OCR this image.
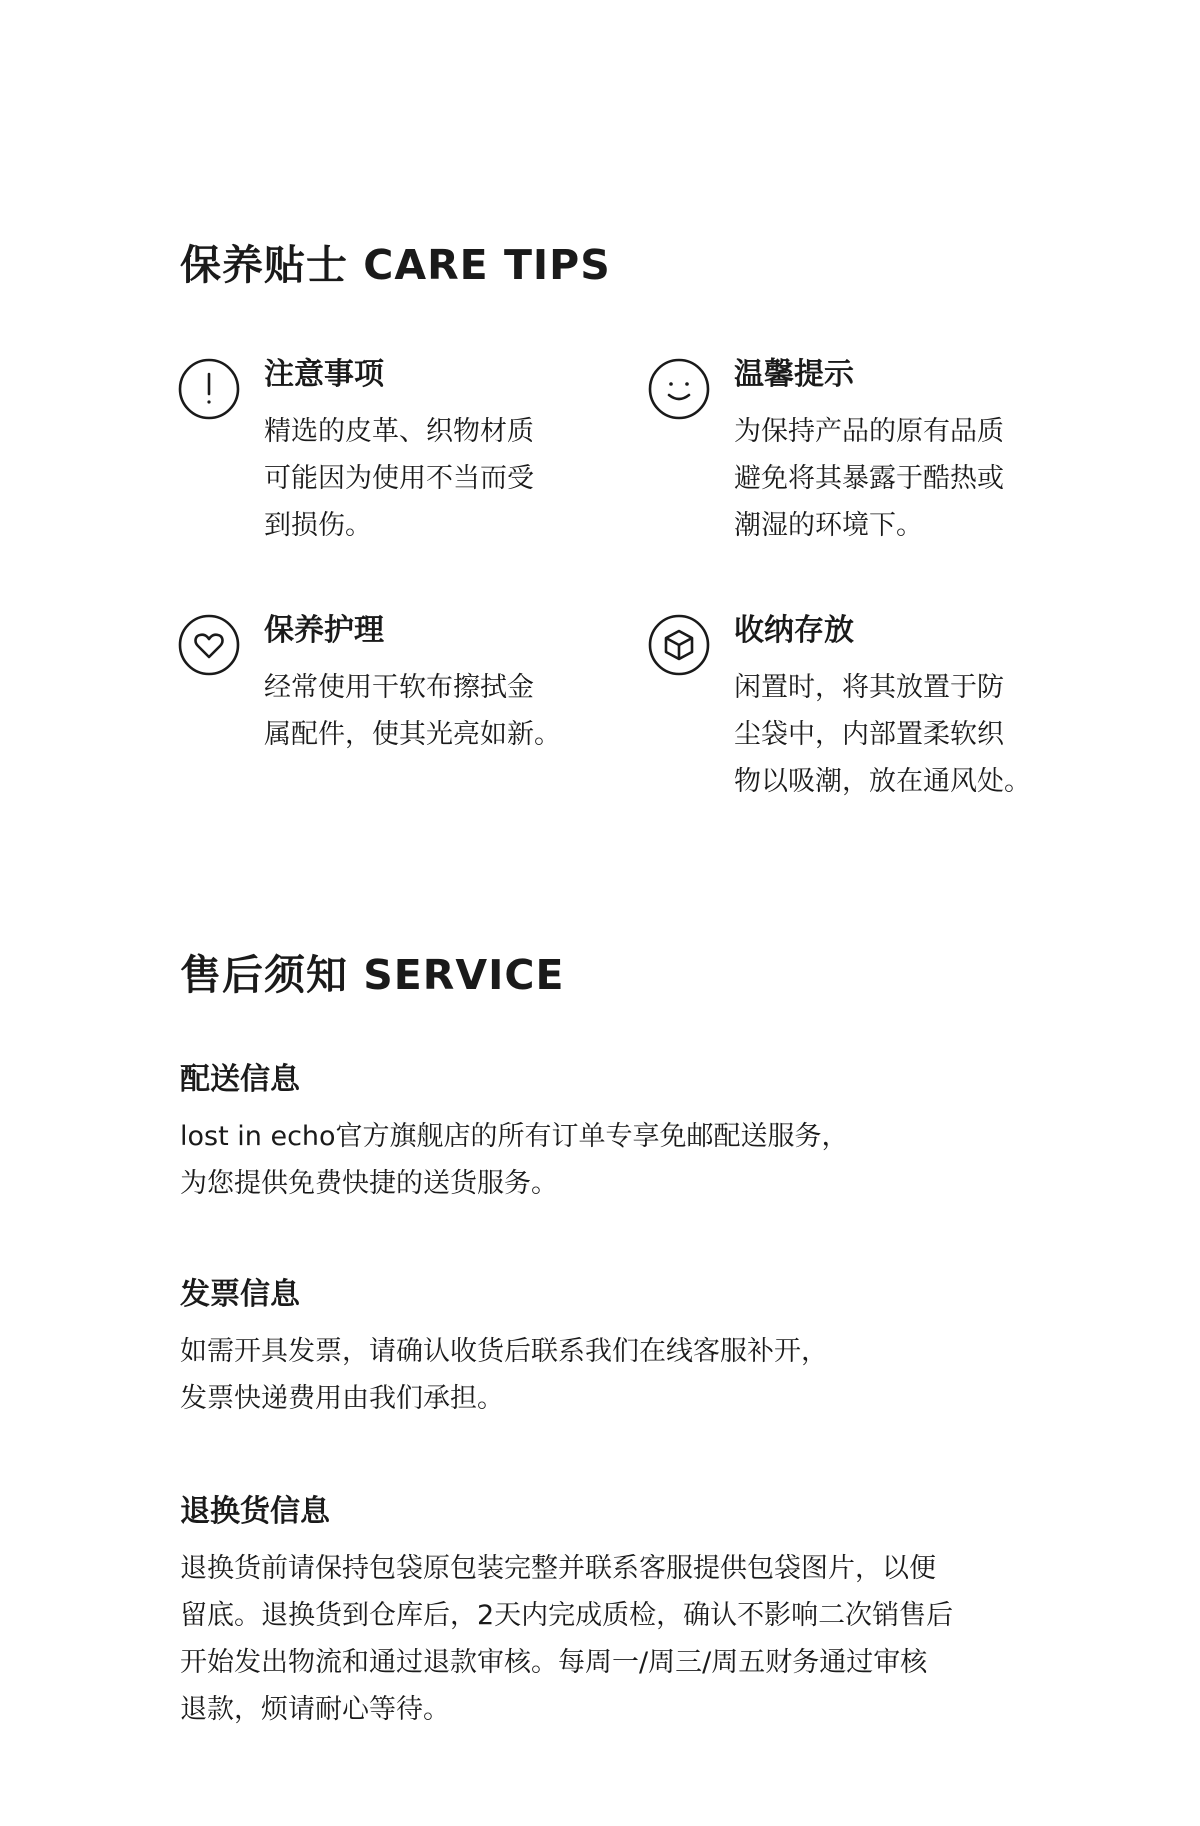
保养贴士 CARE TIPS
注意事项

精选的皮革、织物材质
可能因为使用不当而受
到损伤。

温馨提示

为保持产品的原有品质
避免将其暴露于酷热或
潮湿的环境下。

保养护理

经常使用干软布擦拭金
属配件，使其光亮如新。

收纳存放

闲置时，将其放置于防
尘袋中，内部置柔软织
物以吸潮，放在通风处。

售后须知 SERVICE
配送信息

lost in echo官方旗舰店的所有订单专享免邮配送服务，
为您提供免费快捷的送货服务。

发票信息

如需开具发票，请确认收货后联系我们在线客服补开，
发票快递费用由我们承担。

退换货信息

退换货前请保持包袋原包装完整并联系客服提供包袋图片，以便
留底。退换货到仓库后，2天内完成质检，确认不影响二次销售后
开始发出物流和通过退款审核。每周一/周三/周五财务通过审核
退款，烦请耐心等待。
